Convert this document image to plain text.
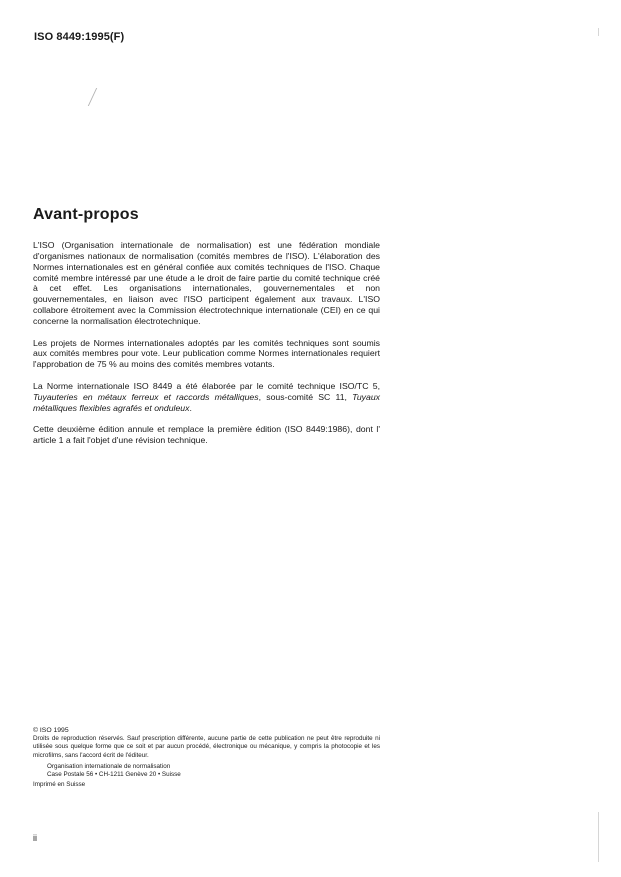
ISO 8449:1995(F)
Avant-propos

L'ISO (Organisation internationale de normalisation) est une fédération mondiale d'organismes nationaux de normalisation (comités membres de l'ISO). L'élaboration des Normes internationales est en général confiée aux comités techniques de l'ISO. Chaque comité membre intéressé par une étude a le droit de faire partie du comité technique créé à cet effet. Les organisations internationales, gouvernementales et non gouvernementales, en liaison avec l'ISO participent également aux travaux. L'ISO collabore étroitement avec la Commission électrotechnique internationale (CEI) en ce qui concerne la normalisation électrotechnique.

Les projets de Normes internationales adoptés par les comités techniques sont soumis aux comités membres pour vote. Leur publication comme Normes internationales requiert l'approbation de 75 % au moins des comités membres votants.

La Norme internationale ISO 8449 a été élaborée par le comité technique ISO/TC 5, Tuyauteries en métaux ferreux et raccords métalliques, sous-comité SC 11, Tuyaux métalliques flexibles agrafés et onduleux.

Cette deuxième édition annule et remplace la première édition (ISO 8449:1986), dont l' article 1 a fait l'objet d'une révision technique.

© ISO 1995
Droits de reproduction réservés. Sauf prescription différente, aucune partie de cette publication ne peut être reproduite ni utilisée sous quelque forme que ce soit et par aucun procédé, électronique ou mécanique, y compris la photocopie et les microfilms, sans l'accord écrit de l'éditeur.
Organisation internationale de normalisation
Case Postale 56 • CH-1211 Genève 20 • Suisse
Imprimé en Suisse
ii
